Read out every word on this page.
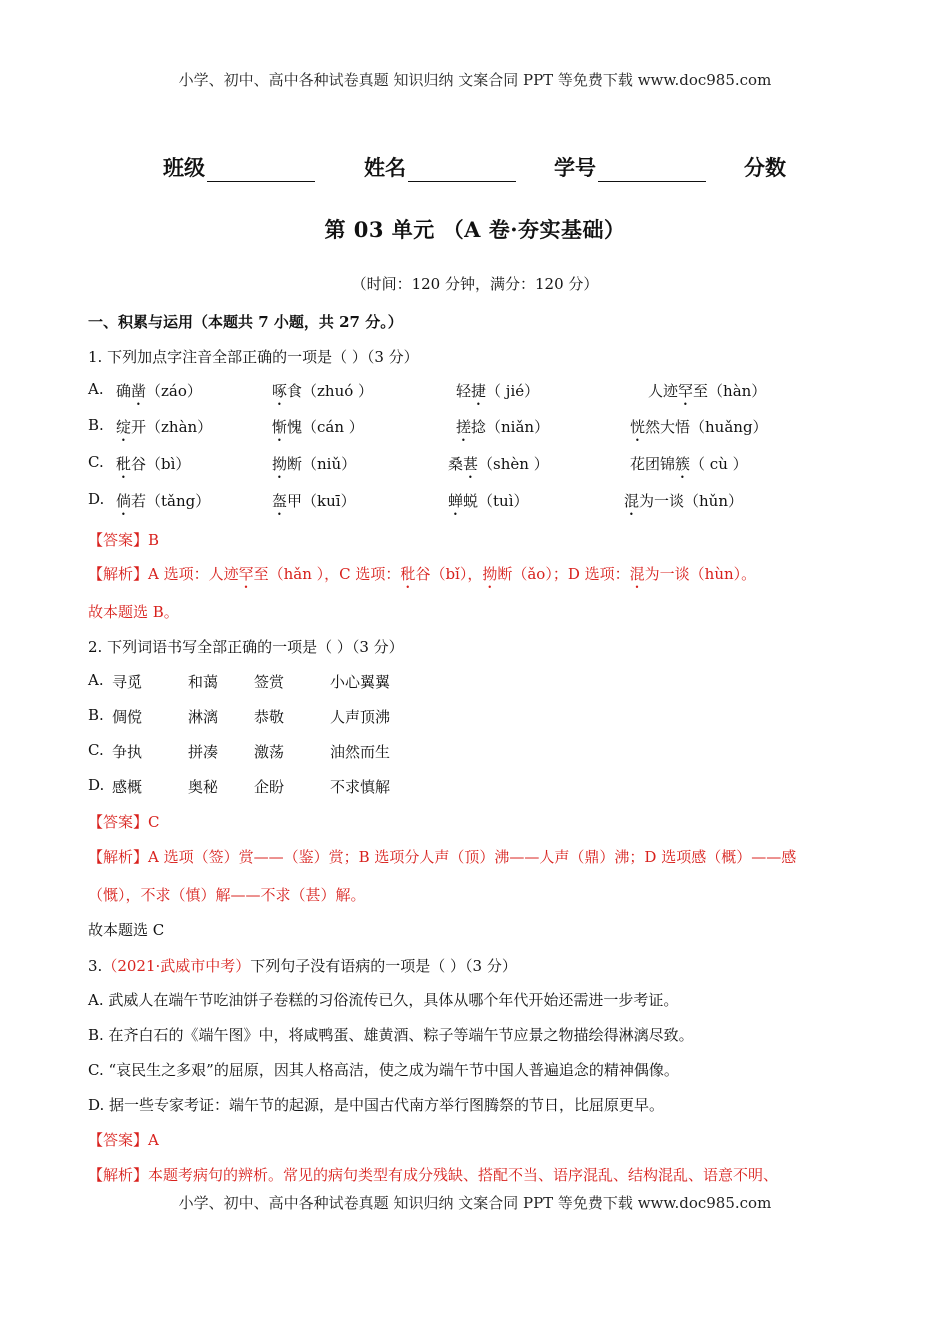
小学、初中、高中各种试卷真题 知识归纳 文案合同 PPT 等免费下载 www.doc985.com
班级	姓名	学号	分数
第 03 单元 （A 卷·夯实基础）
（时间：120 分钟，满分：120 分）
一、积累与运用（本题共 7 小题，共 27 分。）
1. 下列加点字注音全部正确的一项是（ ）（3 分）
A. 确凿（záo）	啄食（zhuó ）	轻捷（ jié）	人迹罕至（hàn）
B. 绽开（zhàn）	惭愧（cán ）	搓捻（niǎn）	恍然大悟（huǎng）
C. 秕谷（bì）	拗断（niǔ）	桑葚（shèn ）	花团锦簇（ cù ）
D. 倘若（tǎng）	盔甲（kuī）	蝉蜕（tuì）	混为一谈（hǔn）
【答案】B
【解析】A 选项：人迹罕至（hǎn ），C 选项：秕谷（bǐ），拗断（ǎo）；D 选项：混为一谈（hùn）。
故本题选 B。
2. 下列词语书写全部正确的一项是（ ）（3 分）
A. 寻觅	和蔼 签赏	小心翼翼
B. 倜傥	淋漓 恭敬	人声顶沸
C. 争执	拼凑 激荡	油然而生
D. 感概	奥秘 企盼	不求慎解
【答案】C
【解析】A 选项（签）赏——（鉴）赏；B 选项分人声（顶）沸——人声（鼎）沸；D 选项感（概）——感
（慨），不求（慎）解——不求（甚）解。
故本题选 C
3.（2021·武威市中考）下列句子没有语病的一项是（ ）（3 分）
A. 武威人在端午节吃油饼子卷糕的习俗流传已久，具体从哪个年代开始还需进一步考证。
B. 在齐白石的《端午图》中，将咸鸭蛋、雄黄酒、粽子等端午节应景之物描绘得淋漓尽致。
C. “哀民生之多艰”的屈原，因其人格高洁，使之成为端午节中国人普遍追念的精神偶像。
D. 据一些专家考证：端午节的起源，是中国古代南方举行图腾祭的节日，比屈原更早。
【答案】A
【解析】本题考病句的辨析。常见的病句类型有成分残缺、搭配不当、语序混乱、结构混乱、语意不明、
小学、初中、高中各种试卷真题 知识归纳 文案合同 PPT 等免费下载 www.doc985.com
